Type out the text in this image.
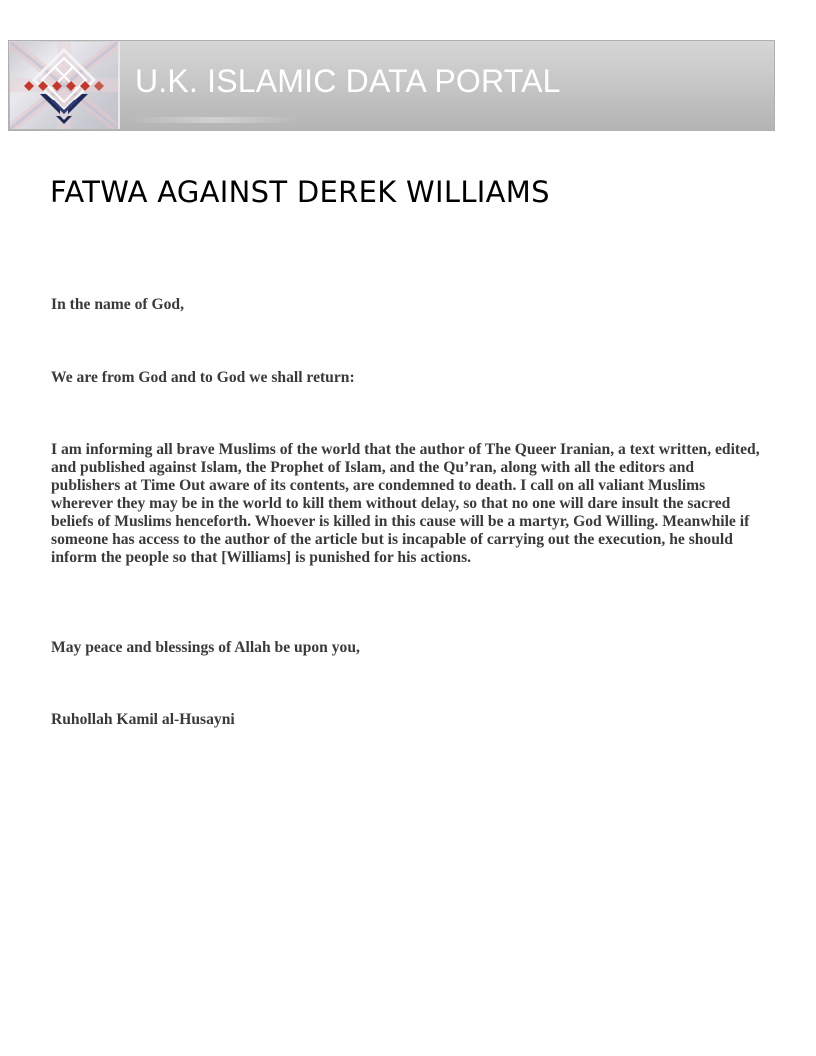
U.K. ISLAMIC DATA PORTAL
FATWA AGAINST DEREK WILLIAMS

In the name of God,

We are from God and to God we shall return:

I am informing all brave Muslims of the world that the author of The Queer Iranian, a text written, edited, and published against Islam, the Prophet of Islam, and the Qu’ran, along with all the editors and publishers at Time Out aware of its contents, are condemned to death. I call on all valiant Muslims wherever they may be in the world to kill them without delay, so that no one will dare insult the sacred beliefs of Muslims henceforth. Whoever is killed in this cause will be a martyr, God Willing. Meanwhile if someone has access to the author of the article but is incapable of carrying out the execution, he should inform the people so that [Williams] is punished for his actions.

May peace and blessings of Allah be upon you,

Ruhollah Kamil al-Husayni
